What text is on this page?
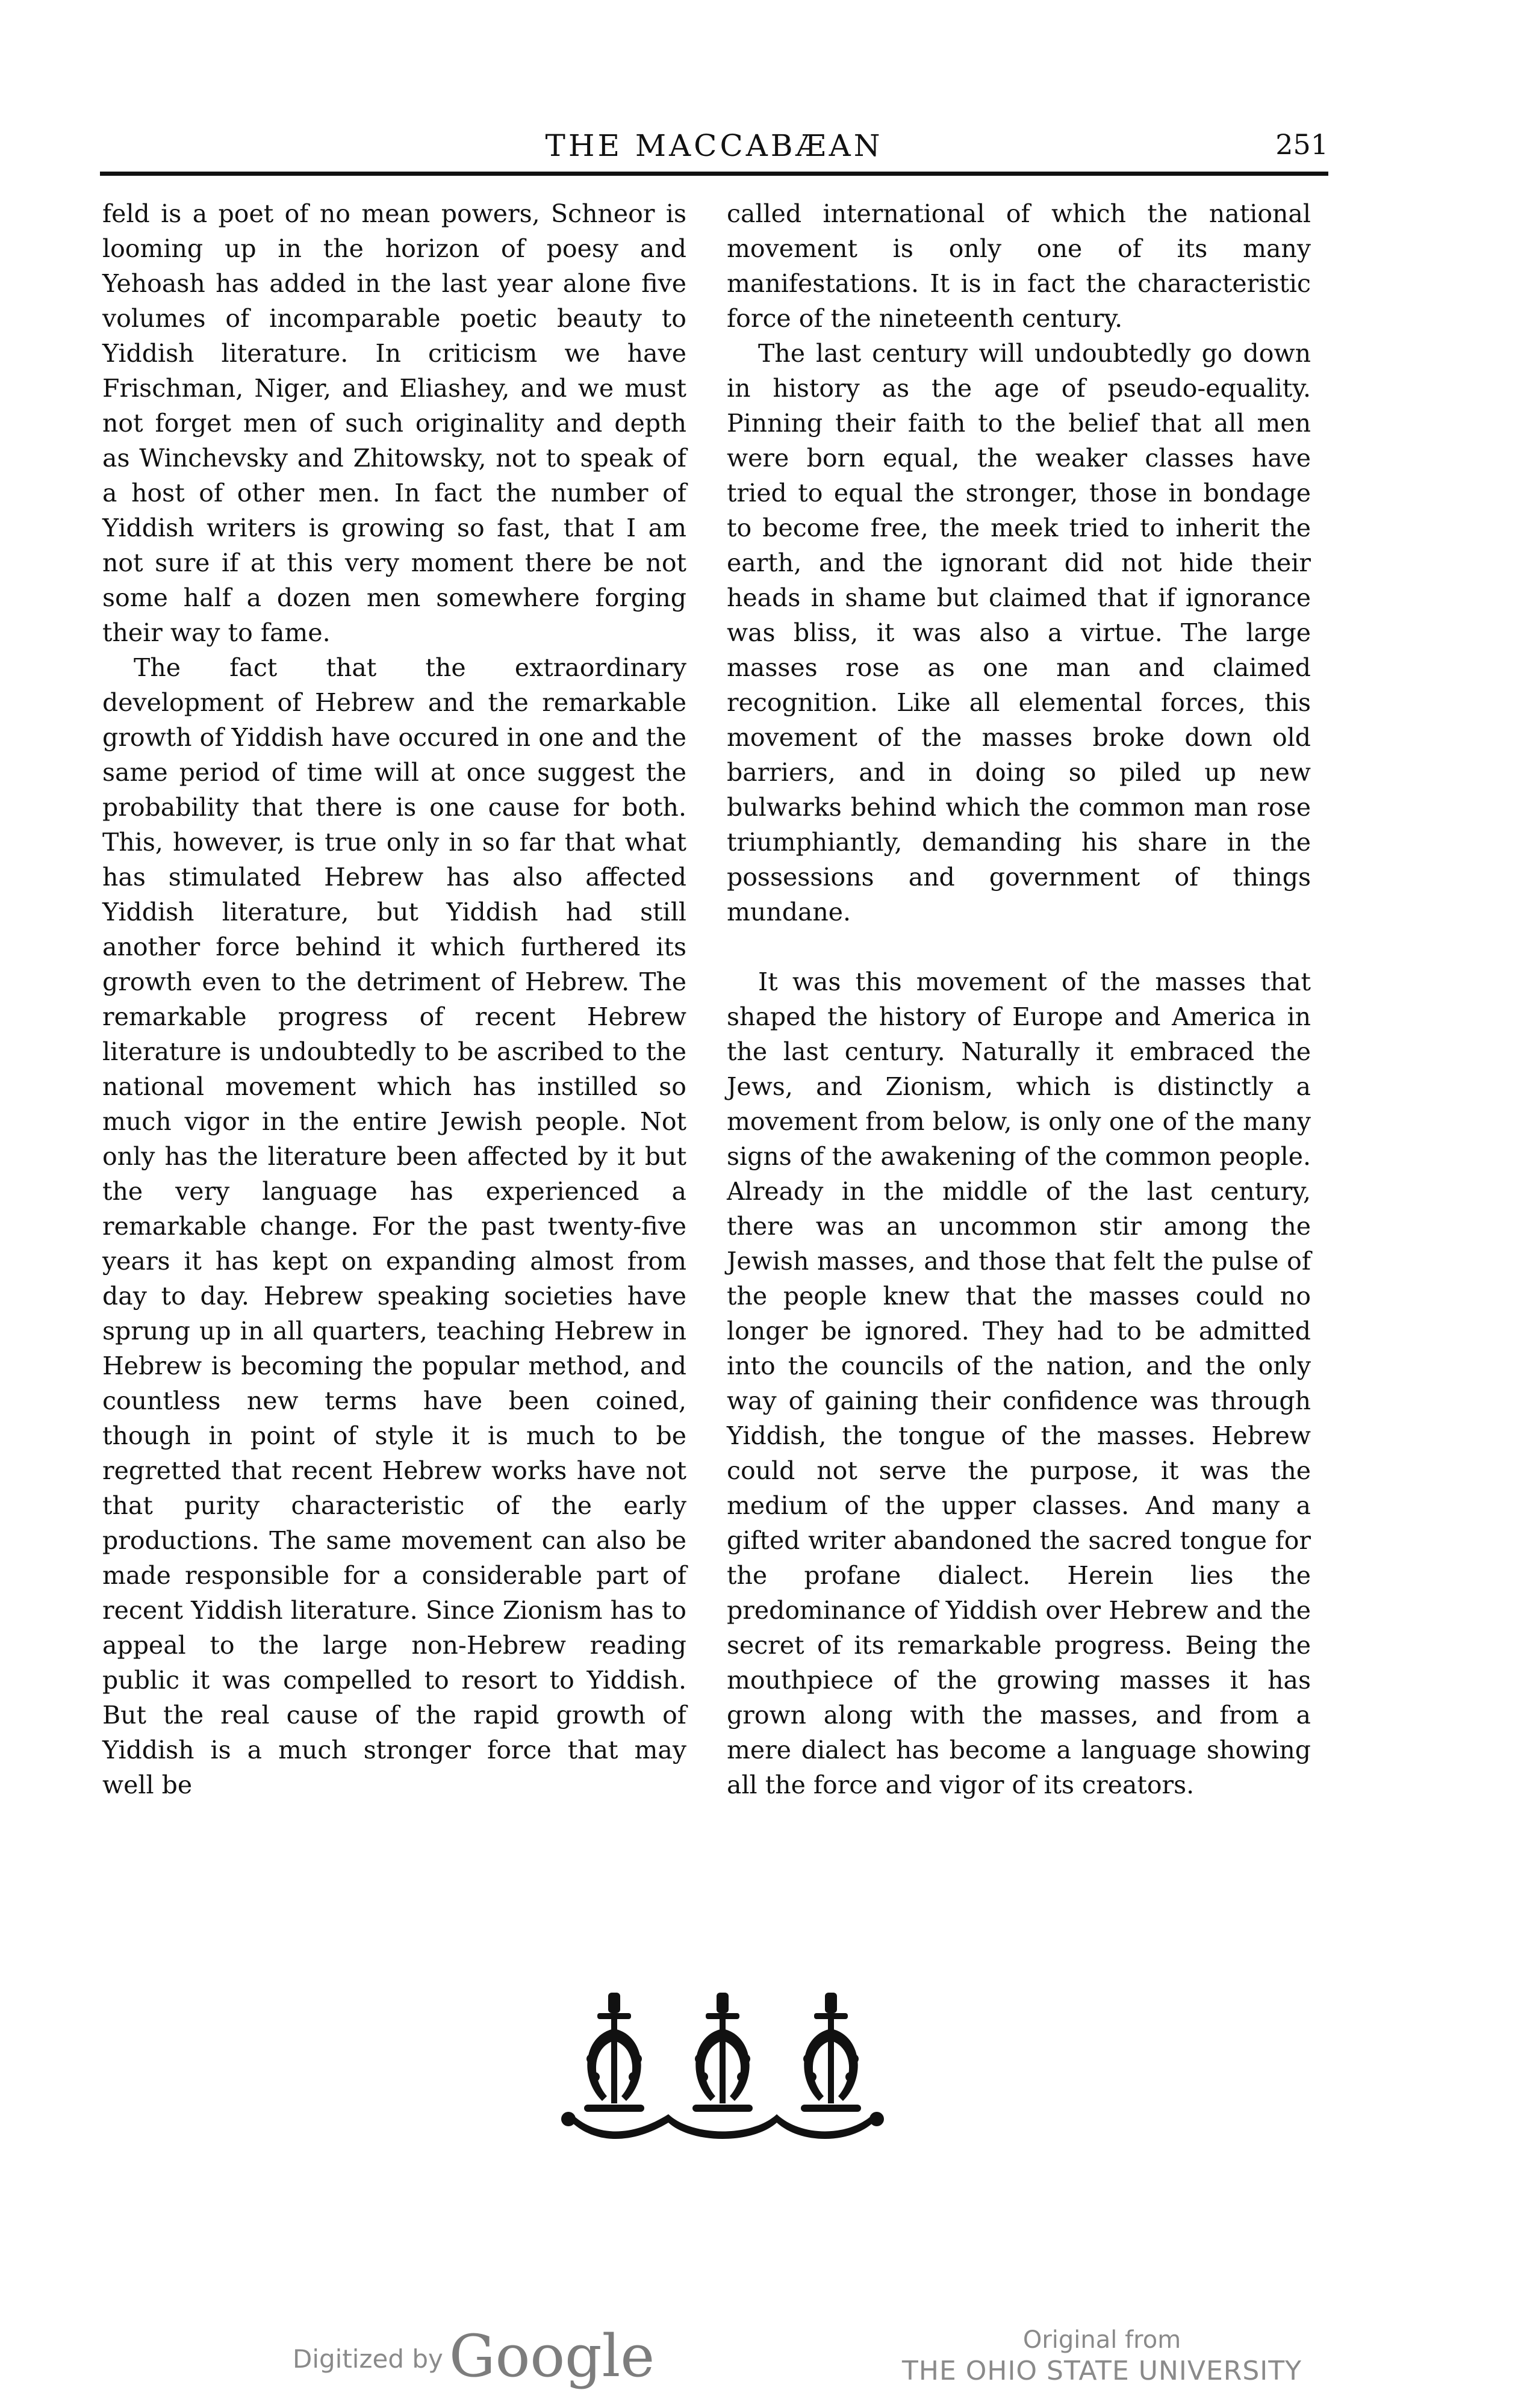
THE MACCABÆAN	251

feld is a poet of no mean powers, Schneor is looming up in the horizon of poesy and Yehoash has added in the last year alone five volumes of incomparable poetic beauty to Yiddish literature. In criticism we have Frischman, Niger, and Eliashey, and we must not forget men of such originality and depth as Winchevsky and Zhitowsky, not to speak of a host of other men. In fact the number of Yiddish writers is growing so fast, that I am not sure if at this very moment there be not some half a dozen men somewhere forging their way to fame.

The fact that the extraordinary development of Hebrew and the remarkable growth of Yiddish have occured in one and the same period of time will at once suggest the probability that there is one cause for both. This, however, is true only in so far that what has stimulated Hebrew has also affected Yiddish literature, but Yiddish had still another force behind it which furthered its growth even to the detriment of Hebrew. The remarkable progress of recent Hebrew literature is undoubtedly to be ascribed to the national movement which has instilled so much vigor in the entire Jewish people. Not only has the literature been affected by it but the very language has experienced a remarkable change. For the past twenty-five years it has kept on expanding almost from day to day. Hebrew speaking societies have sprung up in all quarters, teaching Hebrew in Hebrew is becoming the popular method, and countless new terms have been coined, though in point of style it is much to be regretted that recent Hebrew works have not that purity characteristic of the early productions. The same movement can also be made responsible for a considerable part of recent Yiddish literature. Since Zionism has to appeal to the large non-Hebrew reading public it was compelled to resort to Yiddish. But the real cause of the rapid growth of Yiddish is a much stronger force that may well be

called international of which the national movement is only one of its many manifestations. It is in fact the characteristic force of the nineteenth century.

The last century will undoubtedly go down in history as the age of pseudo-equality. Pinning their faith to the belief that all men were born equal, the weaker classes have tried to equal the stronger, those in bondage to become free, the meek tried to inherit the earth, and the ignorant did not hide their heads in shame but claimed that if ignorance was bliss, it was also a virtue. The large masses rose as one man and claimed recognition. Like all elemental forces, this movement of the masses broke down old barriers, and in doing so piled up new bulwarks behind which the common man rose triumphiantly, demanding his share in the possessions and government of things mundane.

It was this movement of the masses that shaped the history of Europe and America in the last century. Naturally it embraced the Jews, and Zionism, which is distinctly a movement from below, is only one of the many signs of the awakening of the common people. Already in the middle of the last century, there was an uncommon stir among the Jewish masses, and those that felt the pulse of the people knew that the masses could no longer be ignored. They had to be admitted into the councils of the nation, and the only way of gaining their confidence was through Yiddish, the tongue of the masses. Hebrew could not serve the purpose, it was the medium of the upper classes. And many a gifted writer abandoned the sacred tongue for the profane dialect. Herein lies the predominance of Yiddish over Hebrew and the secret of its remarkable progress. Being the mouthpiece of the growing masses it has grown along with the masses, and from a mere dialect has become a language showing all the force and vigor of its creators.

Digitized by Google	Original from
THE OHIO STATE UNIVERSITY
